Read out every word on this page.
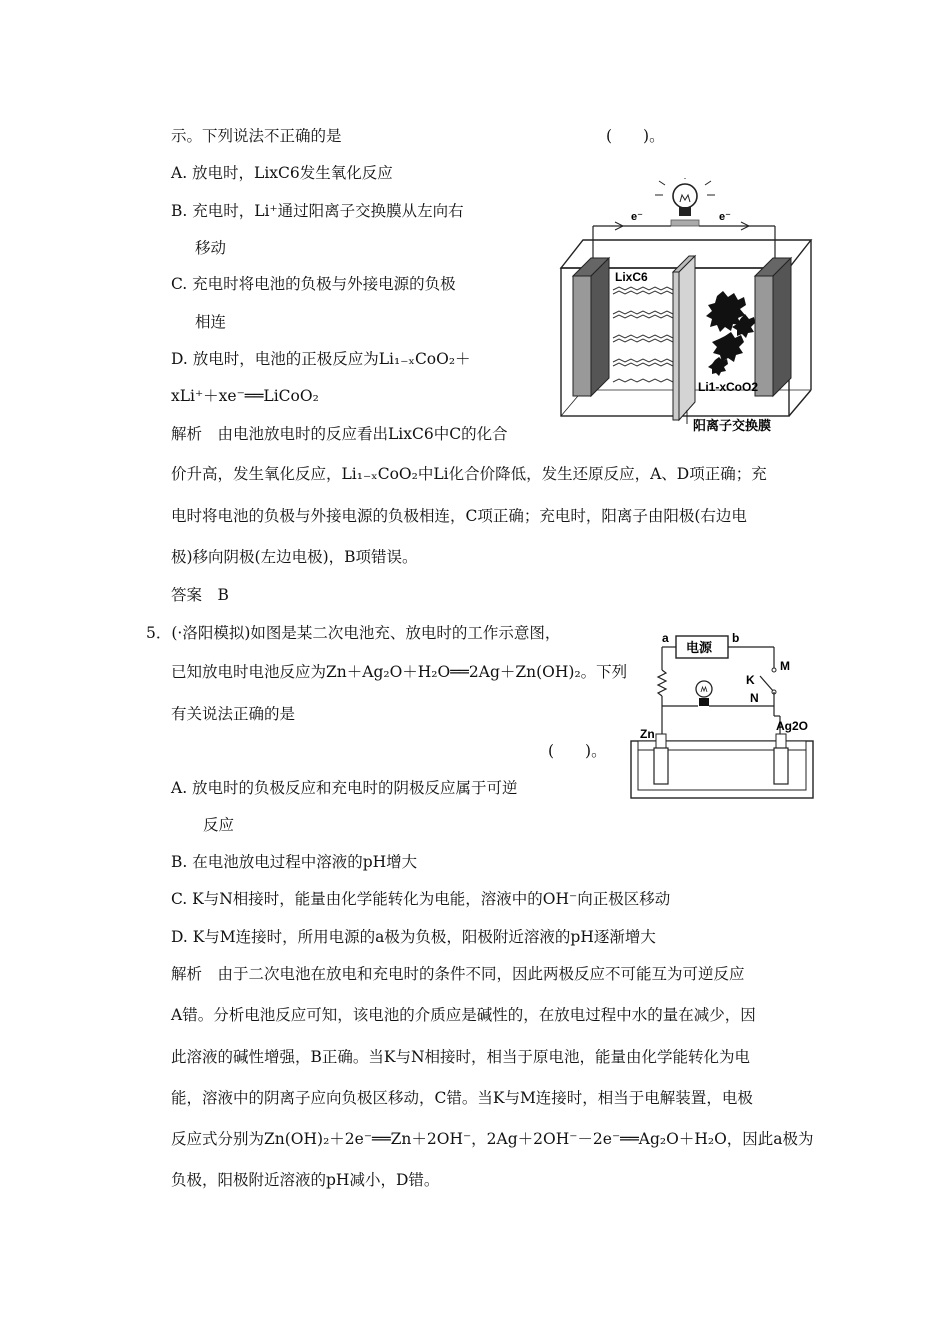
示。下列说法不正确的是	(　　)。
A. 放电时，LixC6发生氧化反应
B. 充电时，Li⁺通过阳离子交换膜从左向右
移动
C. 充电时将电池的负极与外接电源的负极
相连
D. 放电时，电池的正极反应为Li₁₋ₓCoO₂＋
xLi⁺＋xe⁻══LiCoO₂
解析　由电池放电时的反应看出LixC6中C的化合
价升高，发生氧化反应，Li₁₋ₓCoO₂中Li化合价降低，发生还原反应，A、D项正确；充
电时将电池的负极与外接电源的负极相连，C项正确；充电时，阳离子由阳极(右边电
极)移向阴极(左边电极)，B项错误。
答案　B
e⁻	e⁻
LixC6
Li1-xCoO2
阳离子交换膜
5．(·洛阳模拟)如图是某二次电池充、放电时的工作示意图，
已知放电时电池反应为Zn＋Ag₂O＋H₂O══2Ag＋Zn(OH)₂。下列
有关说法正确的是
(　　)。
A. 放电时的负极反应和充电时的阴极反应属于可逆
反应
B. 在电池放电过程中溶液的pH增大
C. K与N相接时，能量由化学能转化为电能，溶液中的OH⁻向正极区移动
D. K与M连接时，所用电源的a极为负极，阳极附近溶液的pH逐渐增大
解析　由于二次电池在放电和充电时的条件不同，因此两极反应不可能互为可逆反应
A错。分析电池反应可知，该电池的介质应是碱性的，在放电过程中水的量在减少，因
此溶液的碱性增强，B正确。当K与N相接时，相当于原电池，能量由化学能转化为电
能，溶液中的阴离子应向负极区移动，C错。当K与M连接时，相当于电解装置，电极
反应式分别为Zn(OH)₂＋2e⁻══Zn＋2OH⁻，2Ag＋2OH⁻－2e⁻══Ag₂O＋H₂O，因此a极为
负极，阳极附近溶液的pH减小，D错。
电源
a	b
M
K
N
Ag2O
Zn
